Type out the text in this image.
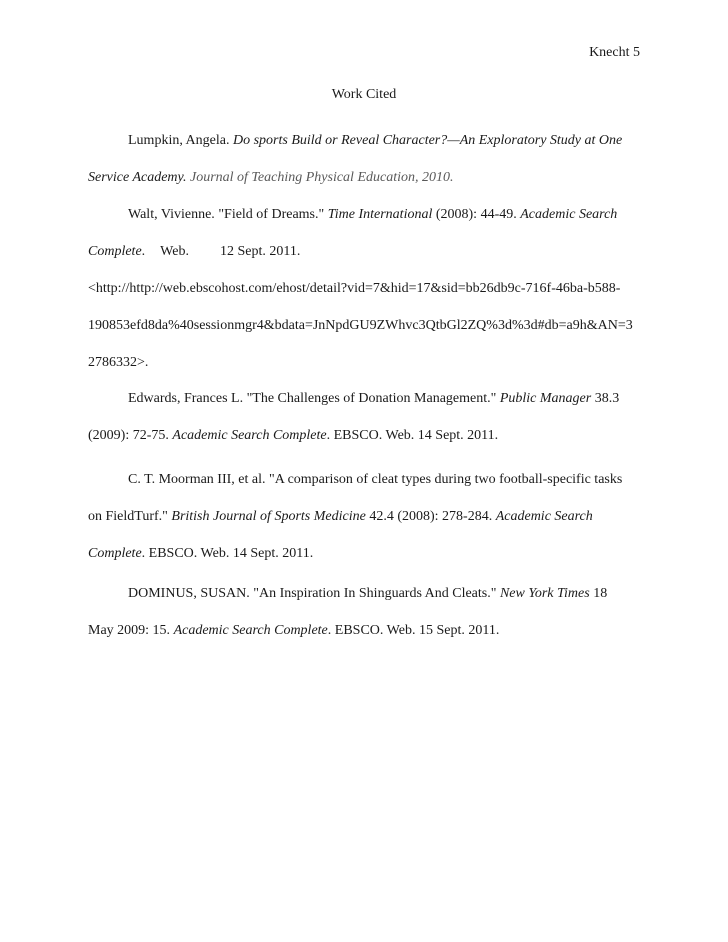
Knecht 5
Work Cited

Lumpkin, Angela. Do sports Build or Reveal Character?—An Exploratory Study at One Service Academy. Journal of Teaching Physical Education, 2010.

Walt, Vivienne. "Field of Dreams." Time International (2008): 44-49. Academic Search
Complete. Web. 12 Sept. 2011.
<http://http://web.ebscohost.com/ehost/detail?vid=7&hid=17&sid=bb26db9c-716f-46ba-b588-
190853efd8da%40sessionmgr4&bdata=JnNpdGU9ZWhvc3QtbGl2ZQ%3d%3d#db=a9h&AN=3
2786332>.

Edwards, Frances L. "The Challenges of Donation Management." Public Manager 38.3 (2009): 72-75. Academic Search Complete. EBSCO. Web. 14 Sept. 2011.

C. T. Moorman III, et al. "A comparison of cleat types during two football-specific tasks
on FieldTurf." British Journal of Sports Medicine 42.4 (2008): 278-284. Academic Search
Complete. EBSCO. Web. 14 Sept. 2011.

DOMINUS, SUSAN. "An Inspiration In Shinguards And Cleats." New York Times 18
May 2009: 15. Academic Search Complete. EBSCO. Web. 15 Sept. 2011.
